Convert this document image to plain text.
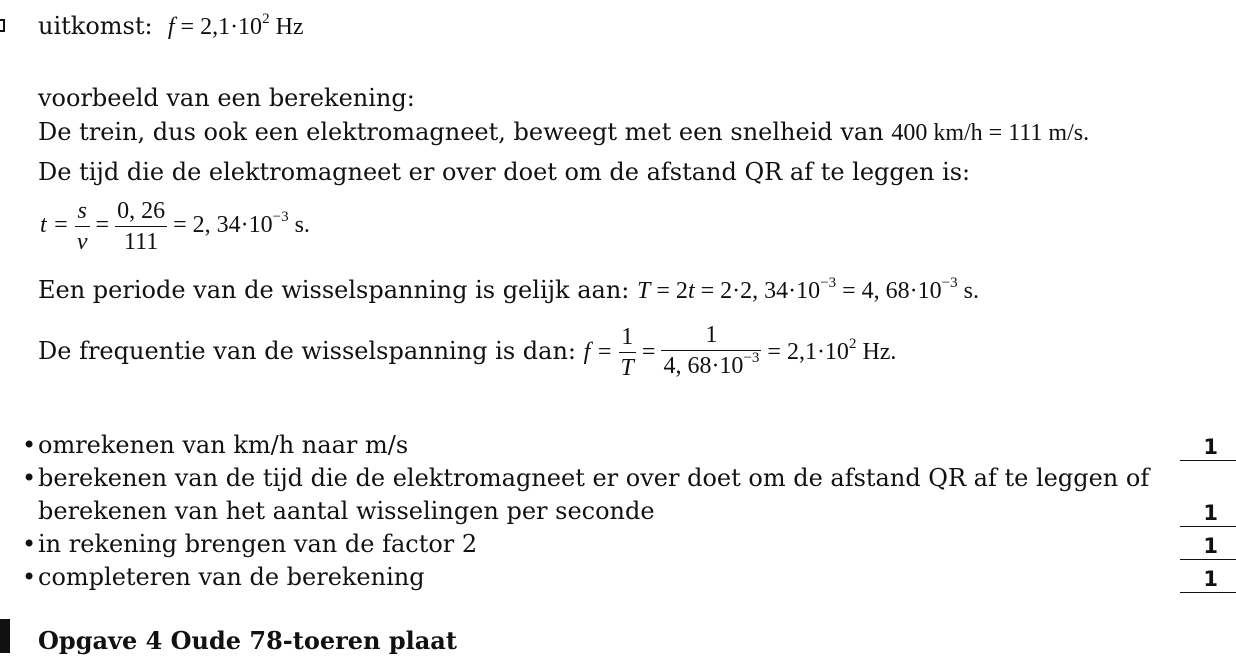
uitkomst: $f = 2,1\cdot 10^2$ Hz
voorbeeld van een berekening:
De trein, dus ook een elektromagneet, beweegt met een snelheid van 400 km/h = 111 m/s.
De tijd die de elektromagneet er over doet om de afstand QR af te leggen is:
$t = \frac{s}{v} = \frac{0, 26}{111} = 2$, $34\cdot 10^{-3}$ s.
Een periode van de wisselspanning is gelijk aan: T = 2t = 2·2, $34\cdot 10^{-3} = 4$, $68\cdot 10^{-3}$ s.
De frequentie van de wisselspanning is dan: $f = \frac{1}{T} = \frac{1}{4, 68\cdot 10^{-3}} = 2,1\cdot 10^2$ Hz.
• omrekenen van km/h naar m/s	1
• berekenen van de tijd die de elektromagneet er over doet om de afstand QR af te leggen of
berekenen van het aantal wisselingen per seconde	1
• in rekening brengen van de factor 2	1
• completeren van de berekening	1
Opgave 4 Oude 78-toeren plaat
